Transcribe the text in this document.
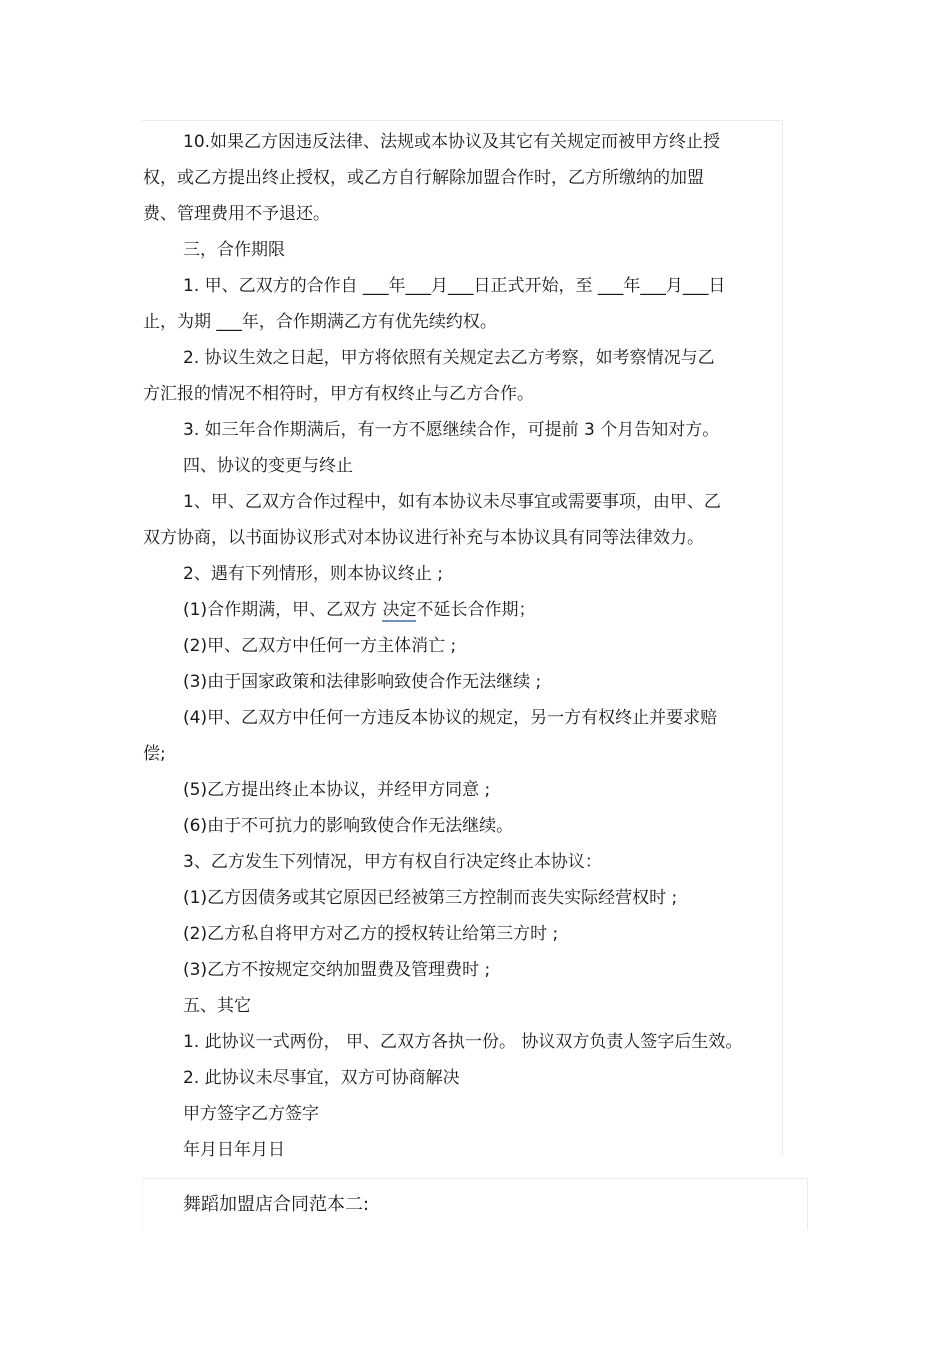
10.如果乙方因违反法律、法规或本协议及其它有关规定而被甲方终止授
权，或乙方提出终止授权，或乙方自行解除加盟合作时，乙方所缴纳的加盟
费、管理费用不予退还。
三，合作期限
1. 甲、乙双方的合作自 ___年___月___日正式开始，至 ___年___月___日
止，为期 ___年，合作期满乙方有优先续约权。
2. 协议生效之日起，甲方将依照有关规定去乙方考察，如考察情况与乙
方汇报的情况不相符时，甲方有权终止与乙方合作。
3. 如三年合作期满后，有一方不愿继续合作，可提前 3 个月告知对方。
四、协议的变更与终止
1、甲、乙双方合作过程中，如有本协议未尽事宜或需要事项，由甲、乙
双方协商，以书面协议形式对本协议进行补充与本协议具有同等法律效力。
2、遇有下列情形，则本协议终止 ;
(1)合作期满，甲、乙双方 决定不延长合作期；
(2)甲、乙双方中任何一方主体消亡 ;
(3)由于国家政策和法律影响致使合作无法继续 ;
(4)甲、乙双方中任何一方违反本协议的规定，另一方有权终止并要求赔
偿;
(5)乙方提出终止本协议，并经甲方同意 ;
(6)由于不可抗力的影响致使合作无法继续。
3、乙方发生下列情况，甲方有权自行决定终止本协议：
(1)乙方因债务或其它原因已经被第三方控制而丧失实际经营权时 ;
(2)乙方私自将甲方对乙方的授权转让给第三方时 ;
(3)乙方不按规定交纳加盟费及管理费时 ;
五、其它
1. 此协议一式两份， 甲、乙双方各执一份。 协议双方负责人签字后生效。
2. 此协议未尽事宜，双方可协商解决
甲方签字乙方签字
年月日年月日
舞蹈加盟店合同范本二:
